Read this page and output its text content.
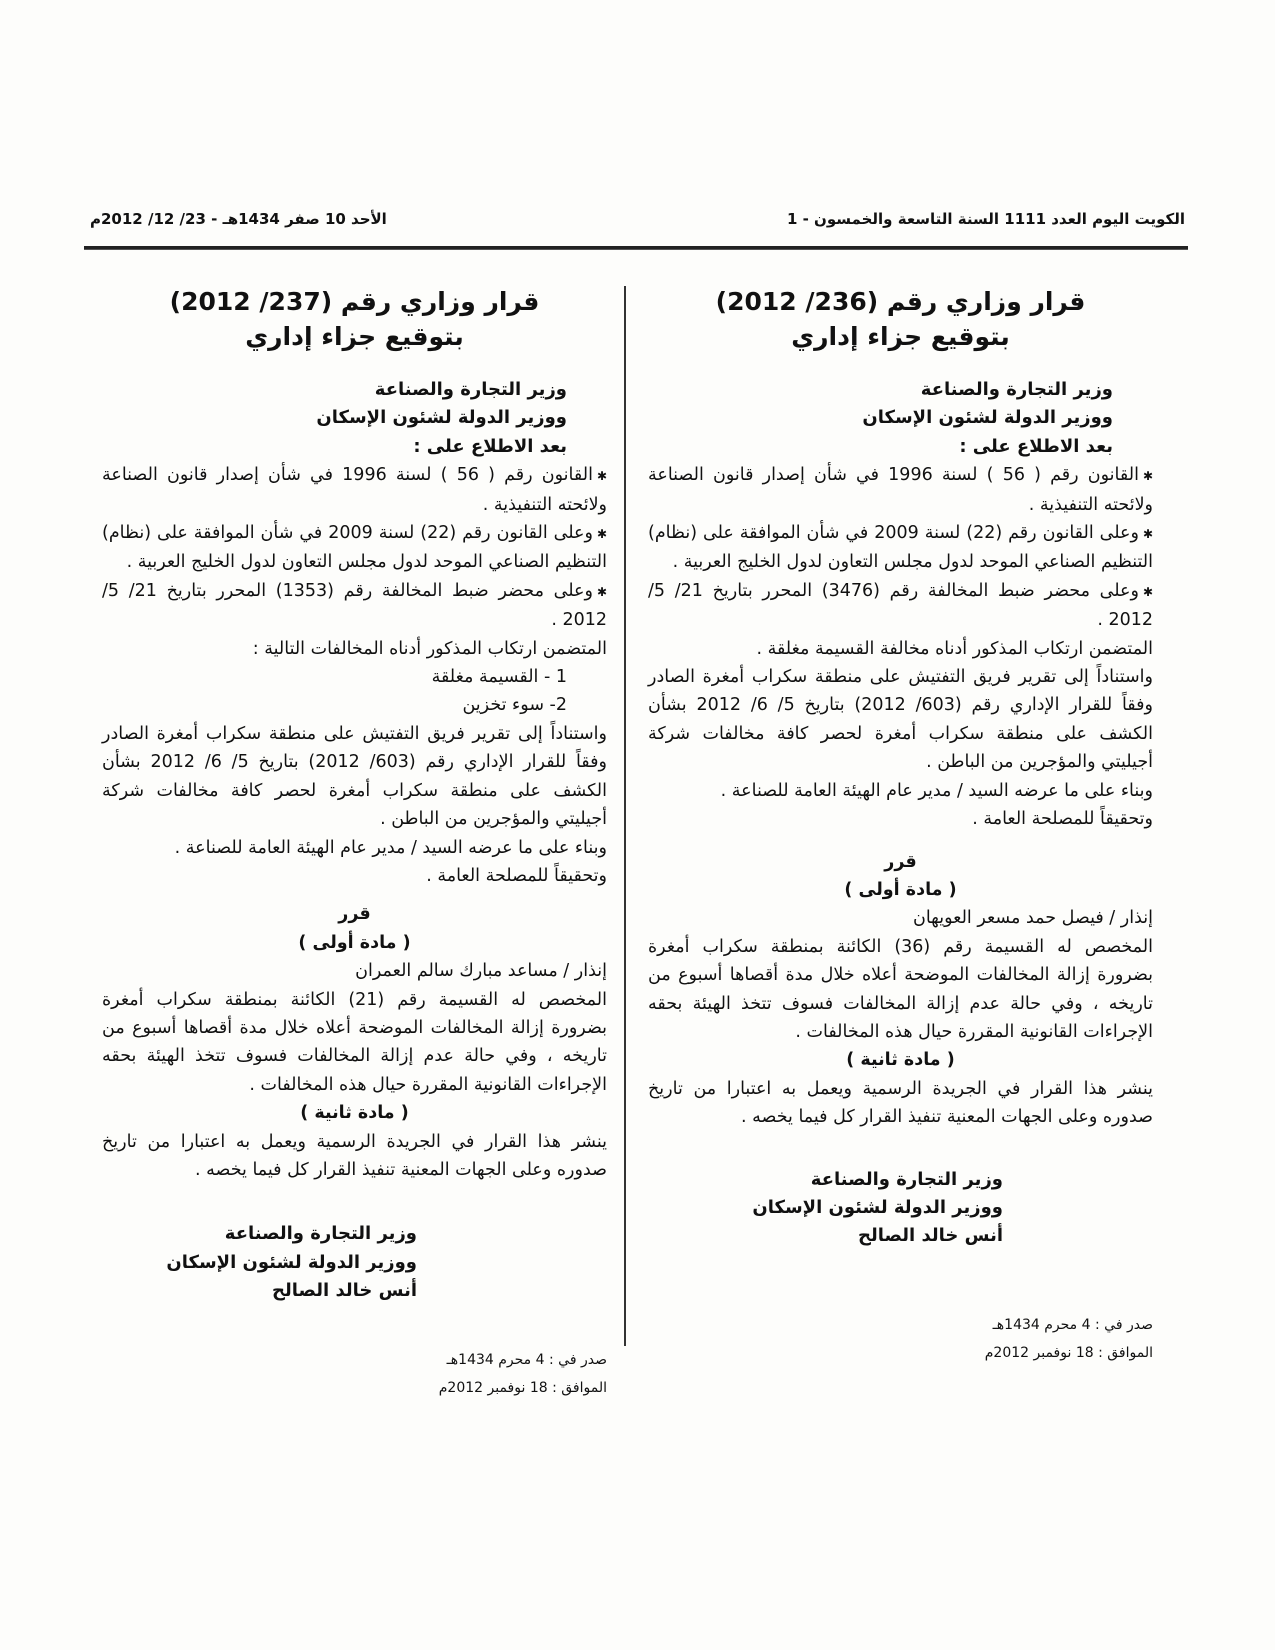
الكويت اليوم العدد 1111 السنة التاسعة والخمسون - 1
الأحد 10 صفر 1434هـ - 23/ 12/ 2012م
قرار وزاري رقم (236/ 2012)
بتوقيع جزاء إداري
وزير التجارة والصناعة
ووزير الدولة لشئون الإسكان
بعد الاطلاع على :
✱القانون رقم ( 56 ) لسنة 1996 في شأن إصدار قانون الصناعة ولائحته التنفيذية .
✱وعلى القانون رقم (22) لسنة 2009 في شأن الموافقة على (نظام) التنظيم الصناعي الموحد لدول مجلس التعاون لدول الخليج العربية .
✱وعلى محضر ضبط المخالفة رقم (3476) المحرر بتاريخ 21/ 5/ 2012 .
المتضمن ارتكاب المذكور أدناه مخالفة القسيمة مغلقة .
واستناداً إلى تقرير فريق التفتيش على منطقة سكراب أمغرة الصادر وفقاً للقرار الإداري رقم (603/ 2012) بتاريخ 5/ 6/ 2012 بشأن الكشف على منطقة سكراب أمغرة لحصر كافة مخالفات شركة أجيليتي والمؤجرين من الباطن .
وبناء على ما عرضه السيد / مدير عام الهيئة العامة للصناعة .
وتحقيقاً للمصلحة العامة .
قرر
( مادة أولى )
إنذار / فيصل حمد مسعر العويهان
المخصص له القسيمة رقم (36) الكائنة بمنطقة سكراب أمغرة بضرورة إزالة المخالفات الموضحة أعلاه خلال مدة أقصاها أسبوع من تاريخه ، وفي حالة عدم إزالة المخالفات فسوف تتخذ الهيئة بحقه الإجراءات القانونية المقررة حيال هذه المخالفات .
( مادة ثانية )
ينشر هذا القرار في الجريدة الرسمية ويعمل به اعتبارا من تاريخ صدوره وعلى الجهات المعنية تنفيذ القرار كل فيما يخصه .
وزير التجارة والصناعة
ووزير الدولة لشئون الإسكان
أنس خالد الصالح
صدر في : 4 محرم 1434هـ
الموافق : 18 نوفمبر 2012م
قرار وزاري رقم (237/ 2012)
بتوقيع جزاء إداري
وزير التجارة والصناعة
ووزير الدولة لشئون الإسكان
بعد الاطلاع على :
✱القانون رقم ( 56 ) لسنة 1996 في شأن إصدار قانون الصناعة ولائحته التنفيذية .
✱وعلى القانون رقم (22) لسنة 2009 في شأن الموافقة على (نظام) التنظيم الصناعي الموحد لدول مجلس التعاون لدول الخليج العربية .
✱وعلى محضر ضبط المخالفة رقم (1353) المحرر بتاريخ 21/ 5/ 2012 .
المتضمن ارتكاب المذكور أدناه المخالفات التالية :
1 - القسيمة مغلقة
2- سوء تخزين
واستناداً إلى تقرير فريق التفتيش على منطقة سكراب أمغرة الصادر وفقاً للقرار الإداري رقم (603/ 2012) بتاريخ 5/ 6/ 2012 بشأن الكشف على منطقة سكراب أمغرة لحصر كافة مخالفات شركة أجيليتي والمؤجرين من الباطن .
وبناء على ما عرضه السيد / مدير عام الهيئة العامة للصناعة .
وتحقيقاً للمصلحة العامة .
قرر
( مادة أولى )
إنذار / مساعد مبارك سالم العمران
المخصص له القسيمة رقم (21) الكائنة بمنطقة سكراب أمغرة بضرورة إزالة المخالفات الموضحة أعلاه خلال مدة أقصاها أسبوع من تاريخه ، وفي حالة عدم إزالة المخالفات فسوف تتخذ الهيئة بحقه الإجراءات القانونية المقررة حيال هذه المخالفات .
( مادة ثانية )
ينشر هذا القرار في الجريدة الرسمية ويعمل به اعتبارا من تاريخ صدوره وعلى الجهات المعنية تنفيذ القرار كل فيما يخصه .
وزير التجارة والصناعة
ووزير الدولة لشئون الإسكان
أنس خالد الصالح
صدر في : 4 محرم 1434هـ
الموافق : 18 نوفمبر 2012م
